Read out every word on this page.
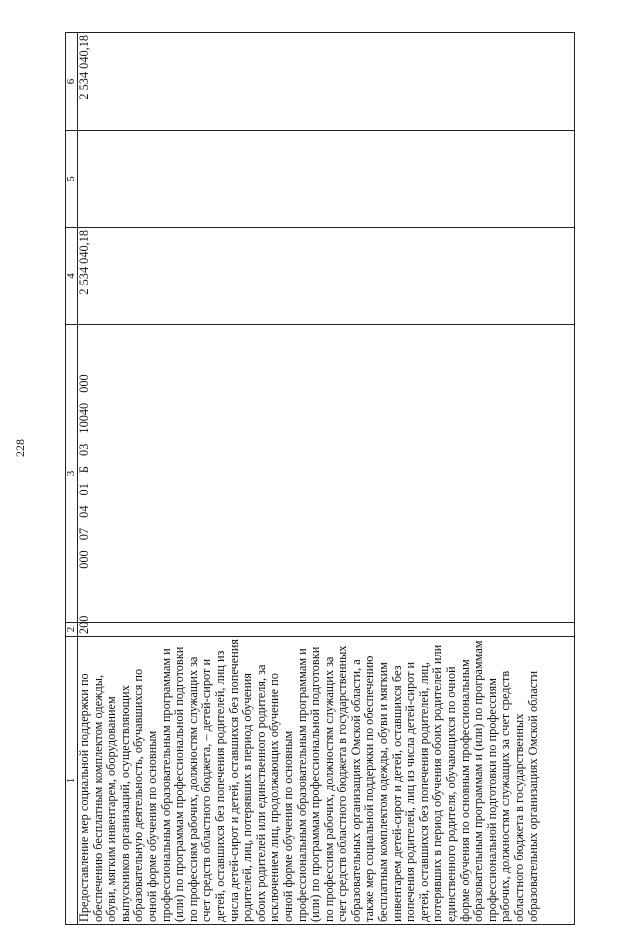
228
1	2	3	4	5	6
Предоставление мер социальной поддержки по обеспечению бесплатным комплектом одежды, обуви, мягким инвентарем, оборудованием выпускников организаций, осуществляющих образовательную деятельность, обучавшихся по очной форме обучения по основным профессиональным образовательным программам и (или) по программам профессиональной подготовки по профессиям рабочих, должностям служащих за счет средств областного бюджета, – детей-сирот и детей, оставшихся без попечения родителей, лиц из числа детей-сирот и детей, оставшихся без попечения родителей, лиц, потерявших в период обучения обоих родителей или единственного родителя, за исключением лиц, продолжающих обучение по очной форме обучения по основным профессиональным образовательным программам и (или) по программам профессиональной подготовки по профессиям рабочих, должностям служащих за счет средств областного бюджета в государственных образовательных организациях Омской области, а также мер социальной поддержки по обеспечению бесплатным комплектом одежды, обуви и мягким инвентарем детей-сирот и детей, оставшихся без попечения родителей, лиц из числа детей-сирот и детей, оставшихся без попечения родителей, лиц, потерявших в период обучения обоих родителей или единственного родителя, обучающихся по очной форме обучения по основным профессиональным образовательным программам и (или) по программам профессиональной подготовки по профессиям рабочих, должностям служащих за счет средств областного бюджета в государственных образовательных организациях Омской области	200	000 07 04 01 Б 03 10040 000	2 534 040,18		2 534 040,18
